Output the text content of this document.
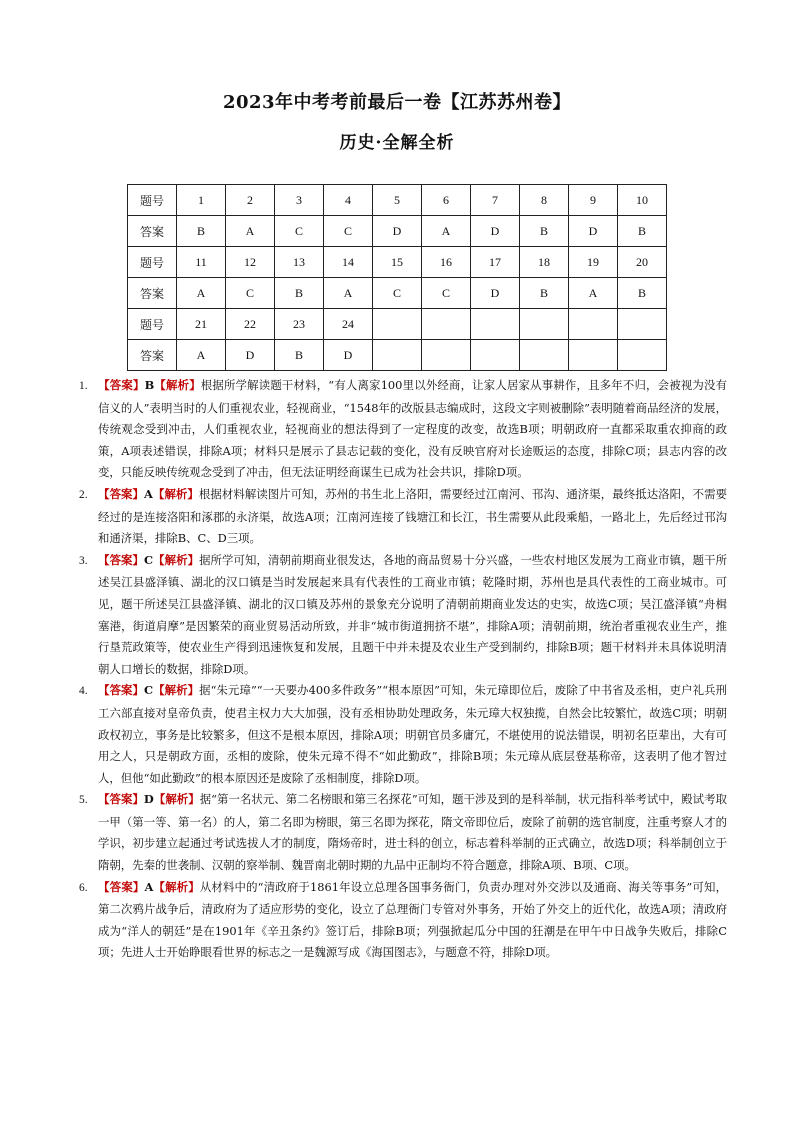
2023年中考考前最后一卷【江苏苏州卷】
历史·全解全析
题号	1	2	3	4	5	6	7	8	9	10
答案	B	A	C	C	D	A	D	B	D	B
题号	11	12	13	14	15	16	17	18	19	20
答案	A	C	B	A	C	C	D	B	A	B
题号	21	22	23	24						
答案	A	D	B	D						
1. 【答案】B【解析】根据所学解读题干材料，“有人离家100里以外经商，让家人居家从事耕作，且多年不归，会被视为没有信义的人”表明当时的人们重视农业，轻视商业，“1548年的改版县志编成时，这段文字则被删除”表明随着商品经济的发展，传统观念受到冲击，人们重视农业，轻视商业的想法得到了一定程度的改变，故选B项；明朝政府一直都采取重农抑商的政策，A项表述错误，排除A项；材料只是展示了县志记载的变化，没有反映官府对长途贩运的态度，排除C项；县志内容的改变，只能反映传统观念受到了冲击，但无法证明经商谋生已成为社会共识，排除D项。
2. 【答案】A【解析】根据材料解读图片可知，苏州的书生北上洛阳，需要经过江南河、邗沟、通济渠，最终抵达洛阳，不需要经过的是连接洛阳和涿郡的永济渠，故选A项；江南河连接了钱塘江和长江，书生需要从此段乘船，一路北上，先后经过邗沟和通济渠，排除B、C、D三项。
3. 【答案】C【解析】据所学可知，清朝前期商业很发达，各地的商品贸易十分兴盛，一些农村地区发展为工商业市镇，题干所述吴江县盛泽镇、湖北的汉口镇是当时发展起来具有代表性的工商业市镇；乾隆时期，苏州也是具代表性的工商业城市。可见，题干所述吴江县盛泽镇、湖北的汉口镇及苏州的景象充分说明了清朝前期商业发达的史实，故选C项；吴江盛泽镇“舟楫塞港，街道肩摩”是因繁荣的商业贸易活动所致，并非“城市街道拥挤不堪”，排除A项；清朝前期，统治者重视农业生产，推行垦荒政策等，使农业生产得到迅速恢复和发展，且题干中并未提及农业生产受到制约，排除B项；题干材料并未具体说明清朝人口增长的数据，排除D项。
4. 【答案】C【解析】据“朱元璋”“一天要办400多件政务”“根本原因”可知，朱元璋即位后，废除了中书省及丞相，吏户礼兵刑工六部直接对皇帝负责，使君主权力大大加强，没有丞相协助处理政务，朱元璋大权独揽，自然会比较繁忙，故选C项；明朝政权初立，事务是比较繁多，但这不是根本原因，排除A项；明朝官员多庸冗，不堪使用的说法错误，明初名臣辈出，大有可用之人，只是朝政方面，丞相的废除，使朱元璋不得不“如此勤政”，排除B项；朱元璋从底层登基称帝，这表明了他才智过人，但他“如此勤政”的根本原因还是废除了丞相制度，排除D项。
5. 【答案】D【解析】据“第一名状元、第二名榜眼和第三名探花”可知，题干涉及到的是科举制，状元指科举考试中，殿试考取一甲（第一等、第一名）的人，第二名即为榜眼，第三名即为探花，隋文帝即位后，废除了前朝的选官制度，注重考察人才的学识，初步建立起通过考试选拔人才的制度，隋炀帝时，进士科的创立，标志着科举制的正式确立，故选D项；科举制创立于隋朝，先秦的世袭制、汉朝的察举制、魏晋南北朝时期的九品中正制均不符合题意，排除A项、B项、C项。
6. 【答案】A【解析】从材料中的“清政府于1861年设立总理各国事务衙门，负责办理对外交涉以及通商、海关等事务”可知，第二次鸦片战争后，清政府为了适应形势的变化，设立了总理衙门专管对外事务，开始了外交上的近代化，故选A项；清政府成为“洋人的朝廷”是在1901年《辛丑条约》签订后，排除B项；列强掀起瓜分中国的狂潮是在甲午中日战争失败后，排除C项；先进人士开始睁眼看世界的标志之一是魏源写成《海国图志》，与题意不符，排除D项。
